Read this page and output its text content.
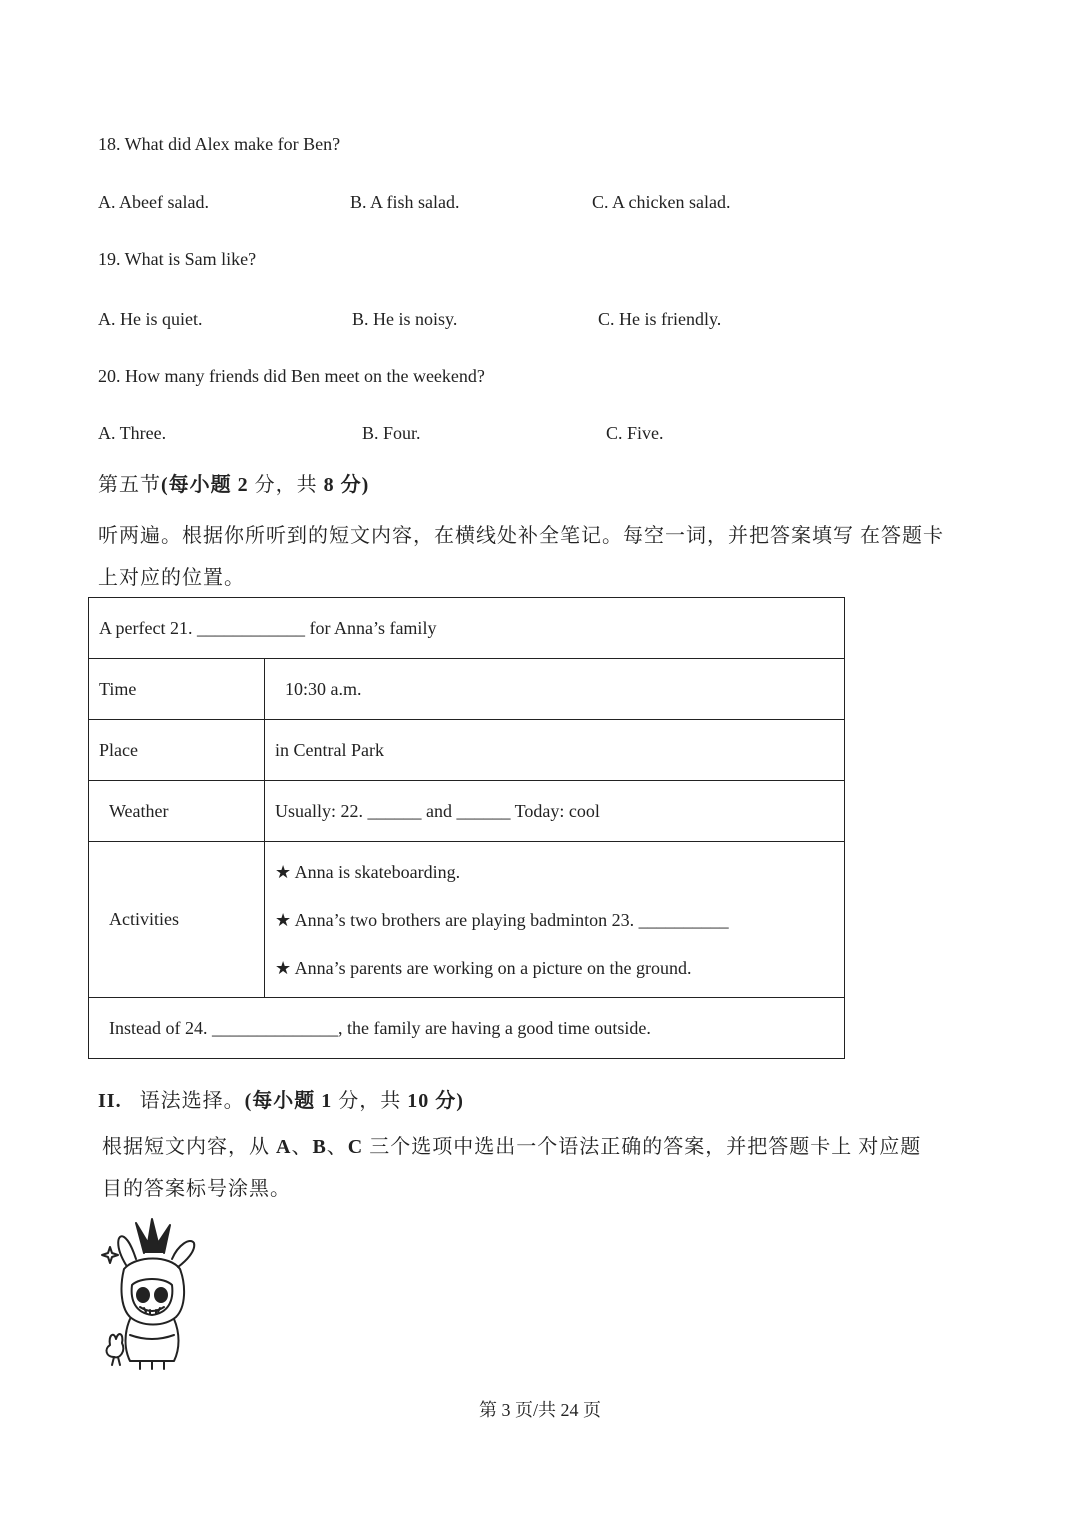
18. What did Alex make for Ben?
A. Abeef salad.	B. A fish salad.	C. A chicken salad.
19. What is Sam like?
A. He is quiet.	B. He is noisy.	C. He is friendly.
20. How many friends did Ben meet on the weekend?
A. Three.	B. Four.	C. Five.
第五节(每小题 2 分，共 8 分)
听两遍。根据你所听到的短文内容，在横线处补全笔记。每空一词，并把答案填写 在答题卡
上对应的位置。
A perfect 21. ____________ for Anna’s family	
Time	10:30 a.m.
Place	in Central Park
Weather	Usually: 22. ______ and ______ Today: cool
Activities	★ Anna is skateboarding.
★ Anna’s two brothers are playing badminton 23. __________
★ Anna’s parents are working on a picture on the ground.

Instead of 24. ______________, the family are having a good time outside.	
II. 语法选择。(每小题 1 分，共 10 分)
根据短文内容，从 A、B、C 三个选项中选出一个语法正确的答案，并把答题卡上 对应题
目的答案标号涂黑。
第 3 页/共 24 页
